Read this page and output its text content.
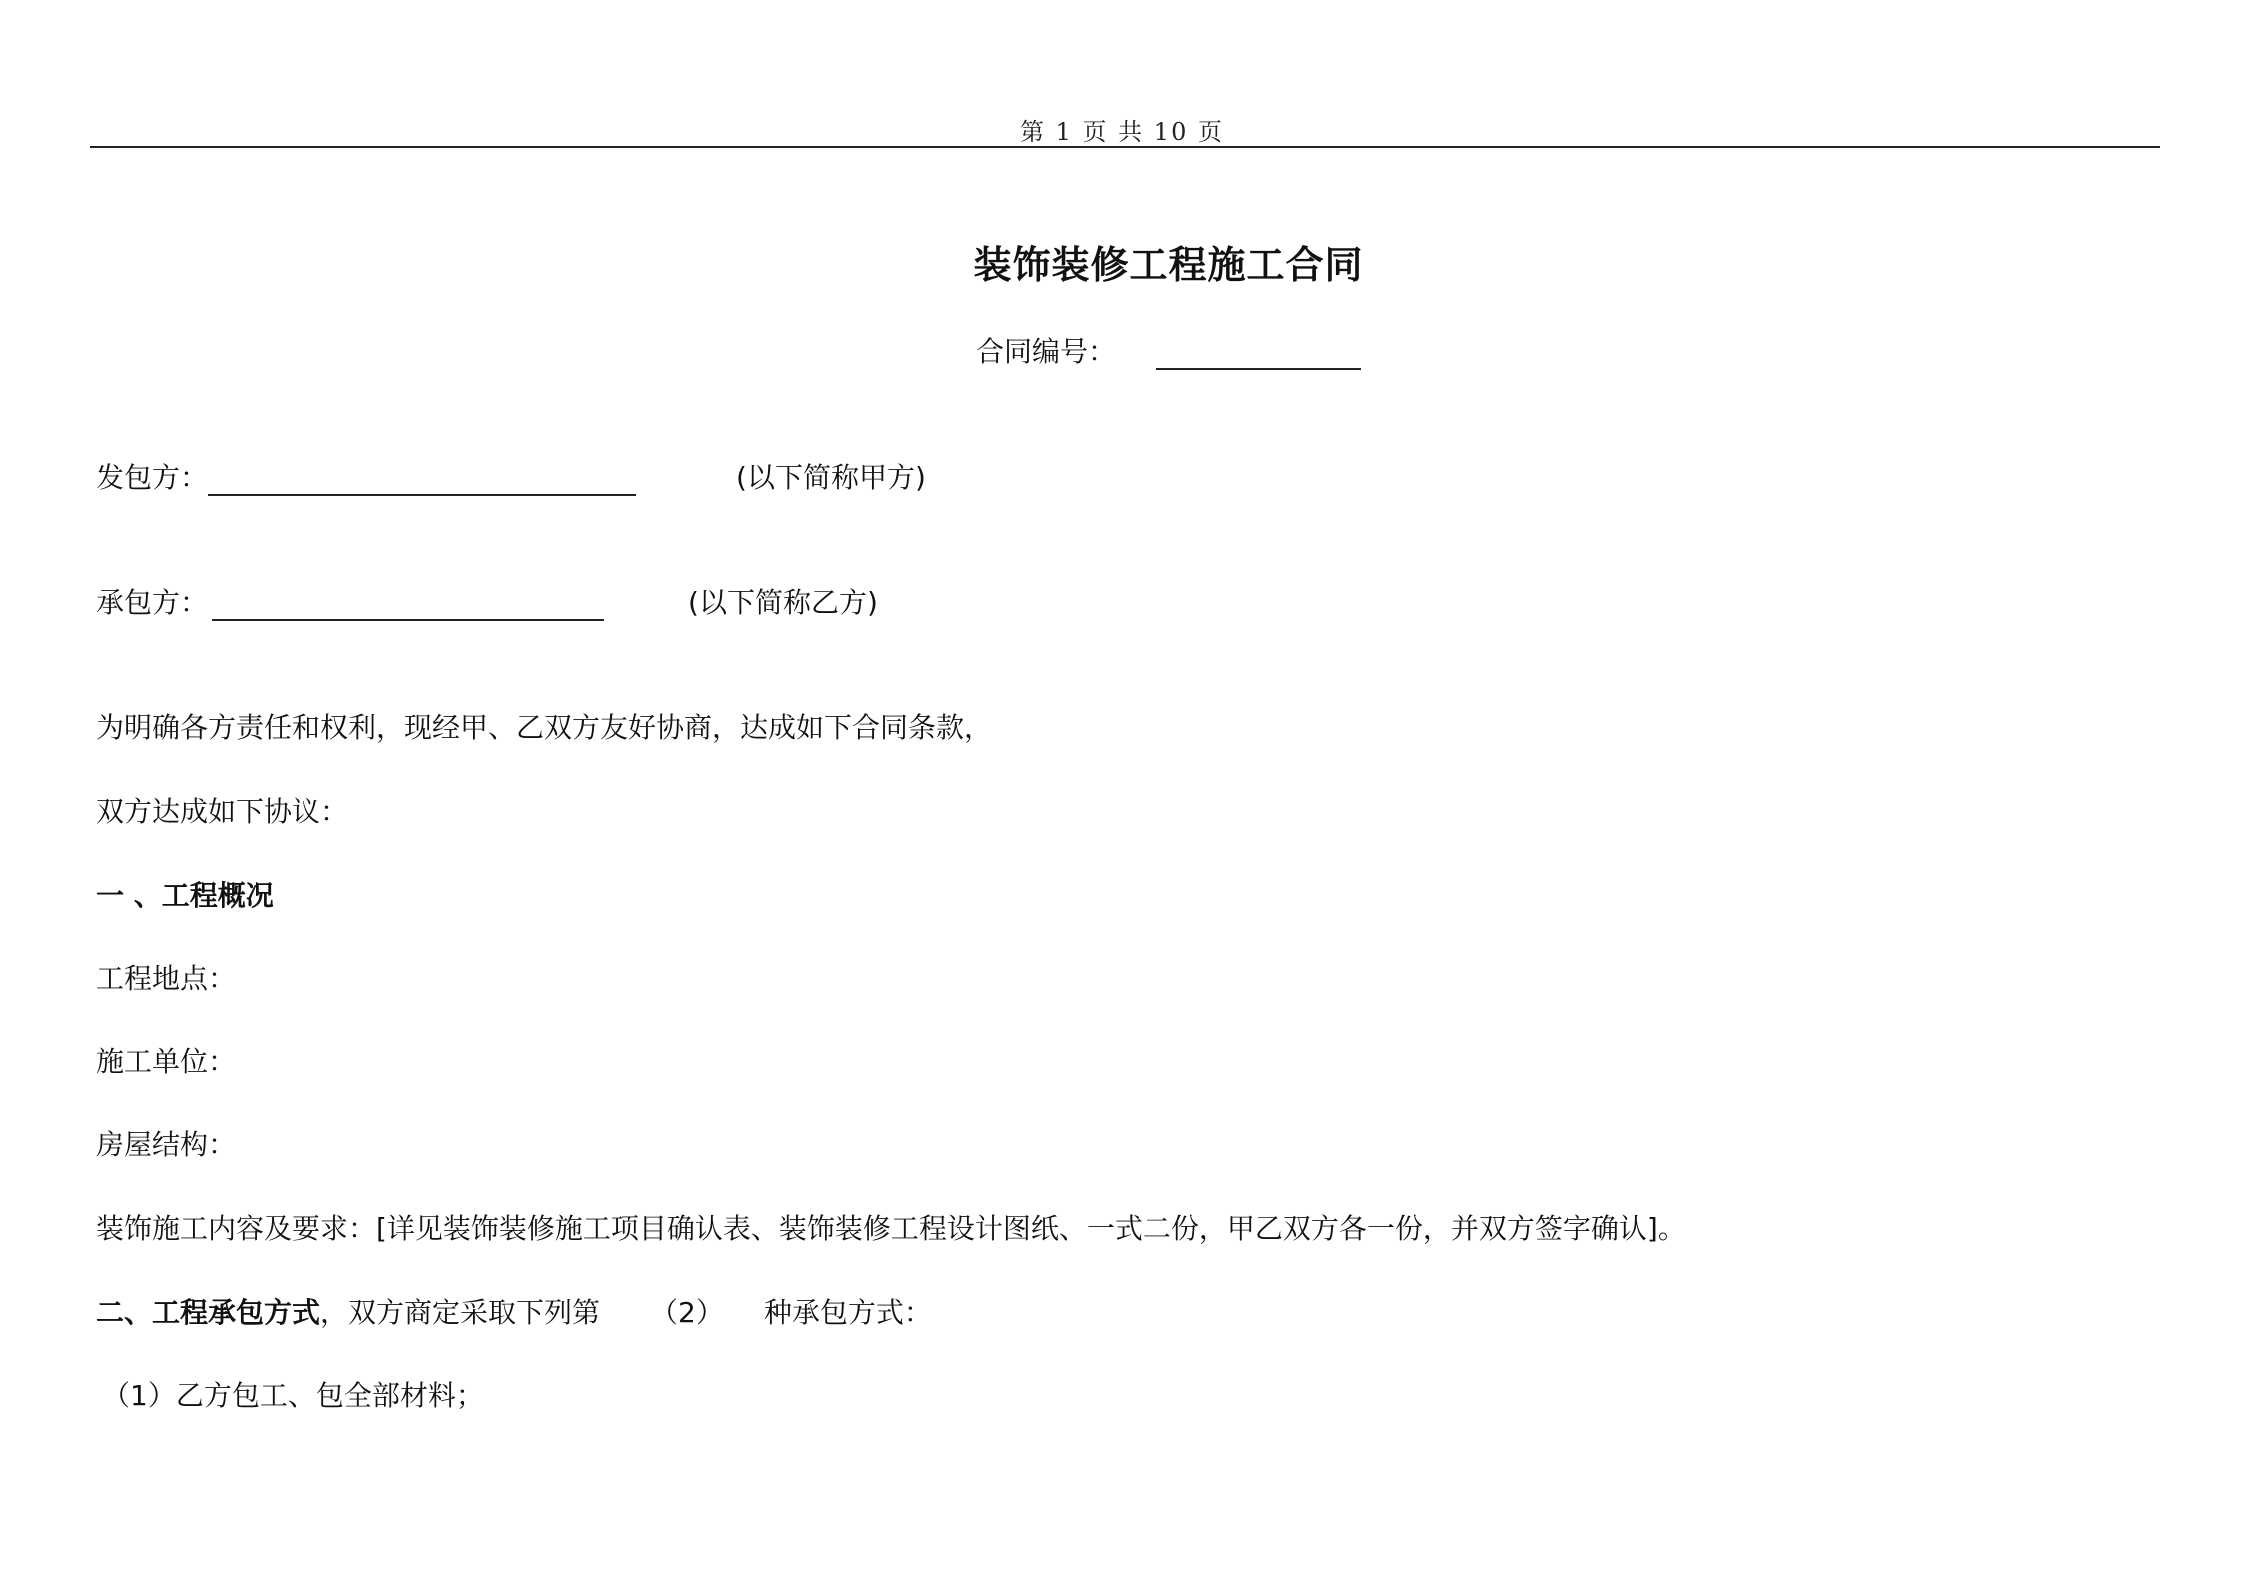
第 1 页 共 10 页
装饰装修工程施工合同
合同编号：
发包方：	(以下简称甲方)
承包方：	(以下简称乙方)
为明确各方责任和权利，现经甲、乙双方友好协商，达成如下合同条款，
双方达成如下协议：
一 、工程概况
工程地点：
施工单位：
房屋结构：
装饰施工内容及要求：[详见装饰装修施工项目确认表、装饰装修工程设计图纸、一式二份，甲乙双方各一份，并双方签字确认]。
二、工程承包方式，双方商定采取下列第 （2） 种承包方式：
（1）乙方包工、包全部材料；
